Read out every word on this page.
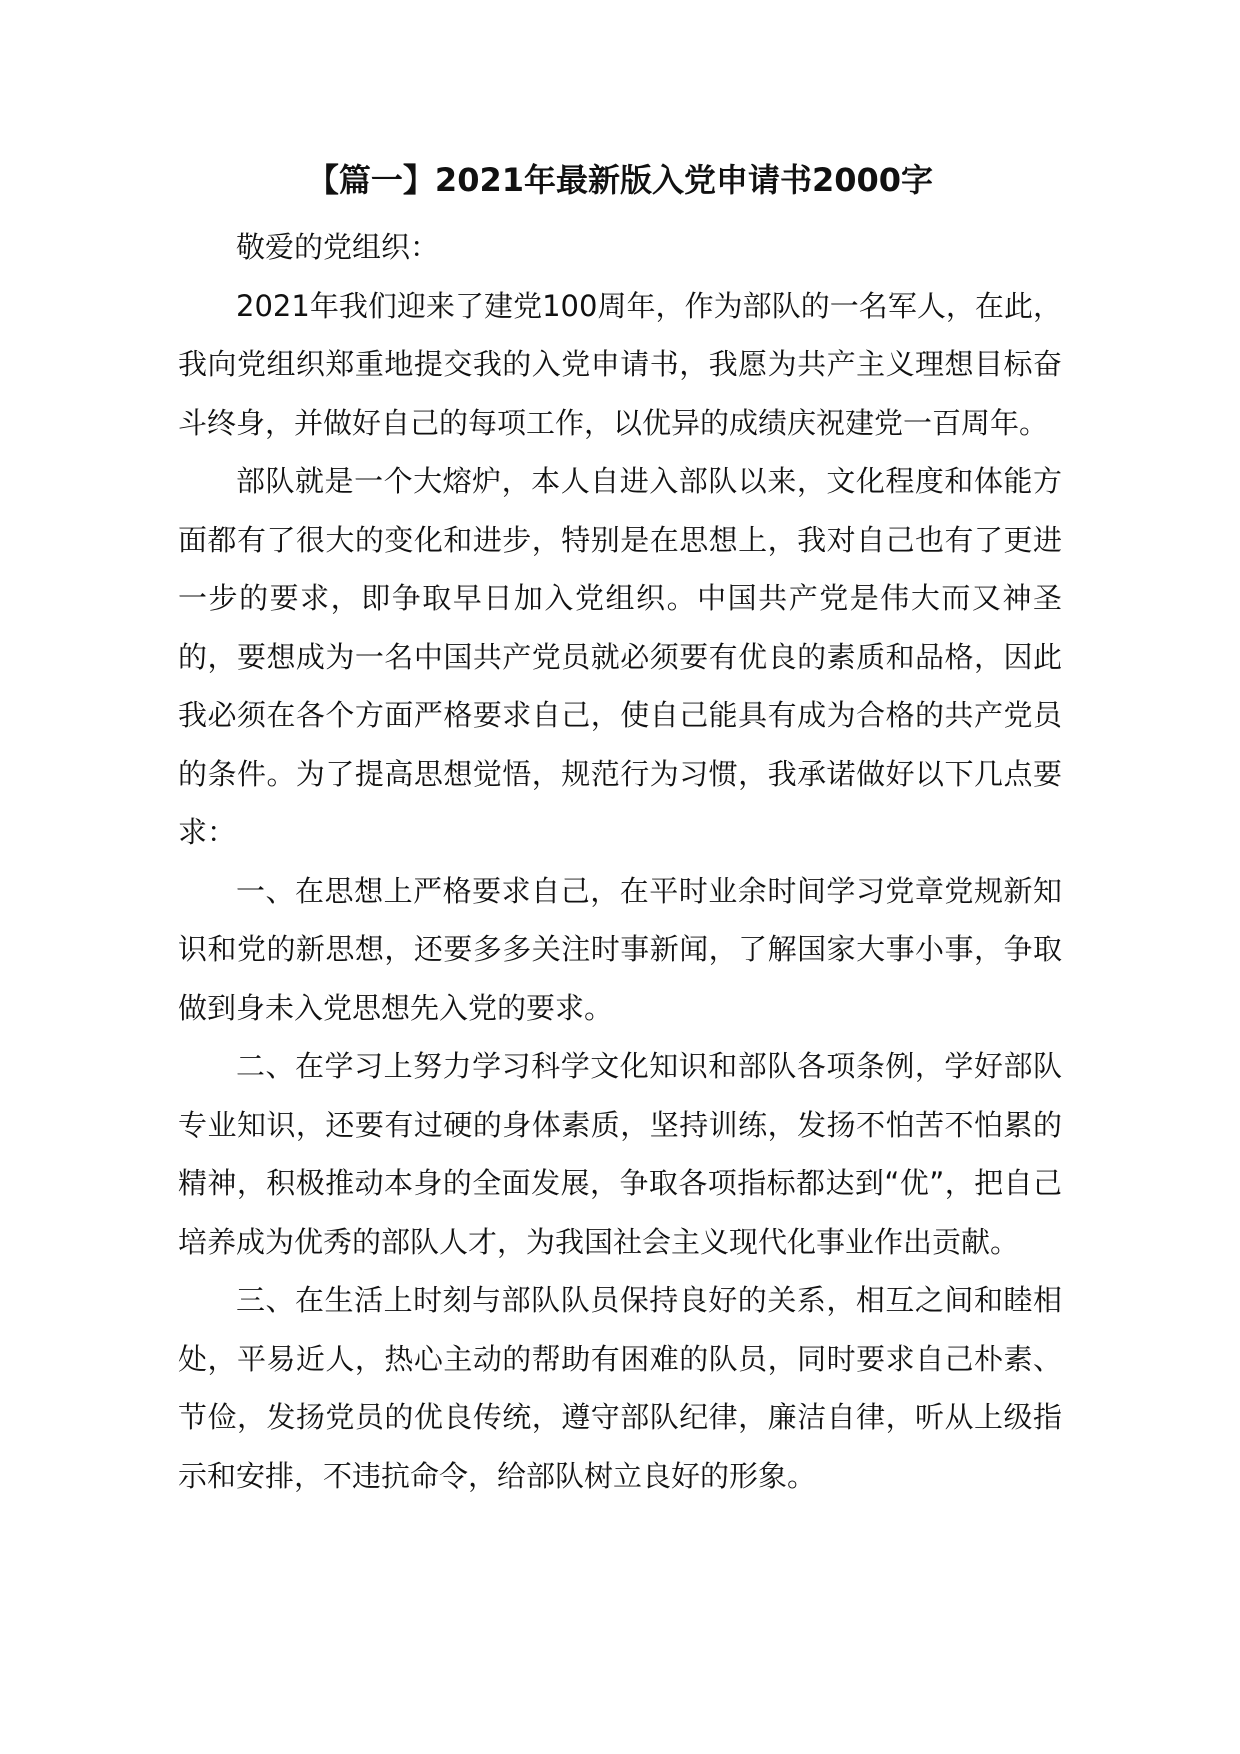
【篇一】2021年最新版入党申请书2000字

敬爱的党组织：

2021年我们迎来了建党100周年，作为部队的一名军人，在此，我向党组织郑重地提交我的入党申请书，我愿为共产主义理想目标奋斗终身，并做好自己的每项工作，以优异的成绩庆祝建党一百周年。

部队就是一个大熔炉，本人自进入部队以来，文化程度和体能方面都有了很大的变化和进步，特别是在思想上，我对自己也有了更进一步的要求，即争取早日加入党组织。中国共产党是伟大而又神圣的，要想成为一名中国共产党员就必须要有优良的素质和品格，因此我必须在各个方面严格要求自己，使自己能具有成为合格的共产党员的条件。为了提高思想觉悟，规范行为习惯，我承诺做好以下几点要求：

一、在思想上严格要求自己，在平时业余时间学习党章党规新知识和党的新思想，还要多多关注时事新闻，了解国家大事小事，争取做到身未入党思想先入党的要求。

二、在学习上努力学习科学文化知识和部队各项条例，学好部队专业知识，还要有过硬的身体素质，坚持训练，发扬不怕苦不怕累的精神，积极推动本身的全面发展，争取各项指标都达到“优”，把自己培养成为优秀的部队人才，为我国社会主义现代化事业作出贡献。

三、在生活上时刻与部队队员保持良好的关系，相互之间和睦相处，平易近人，热心主动的帮助有困难的队员，同时要求自己朴素、节俭，发扬党员的优良传统，遵守部队纪律，廉洁自律，听从上级指示和安排，不违抗命令，给部队树立良好的形象。
